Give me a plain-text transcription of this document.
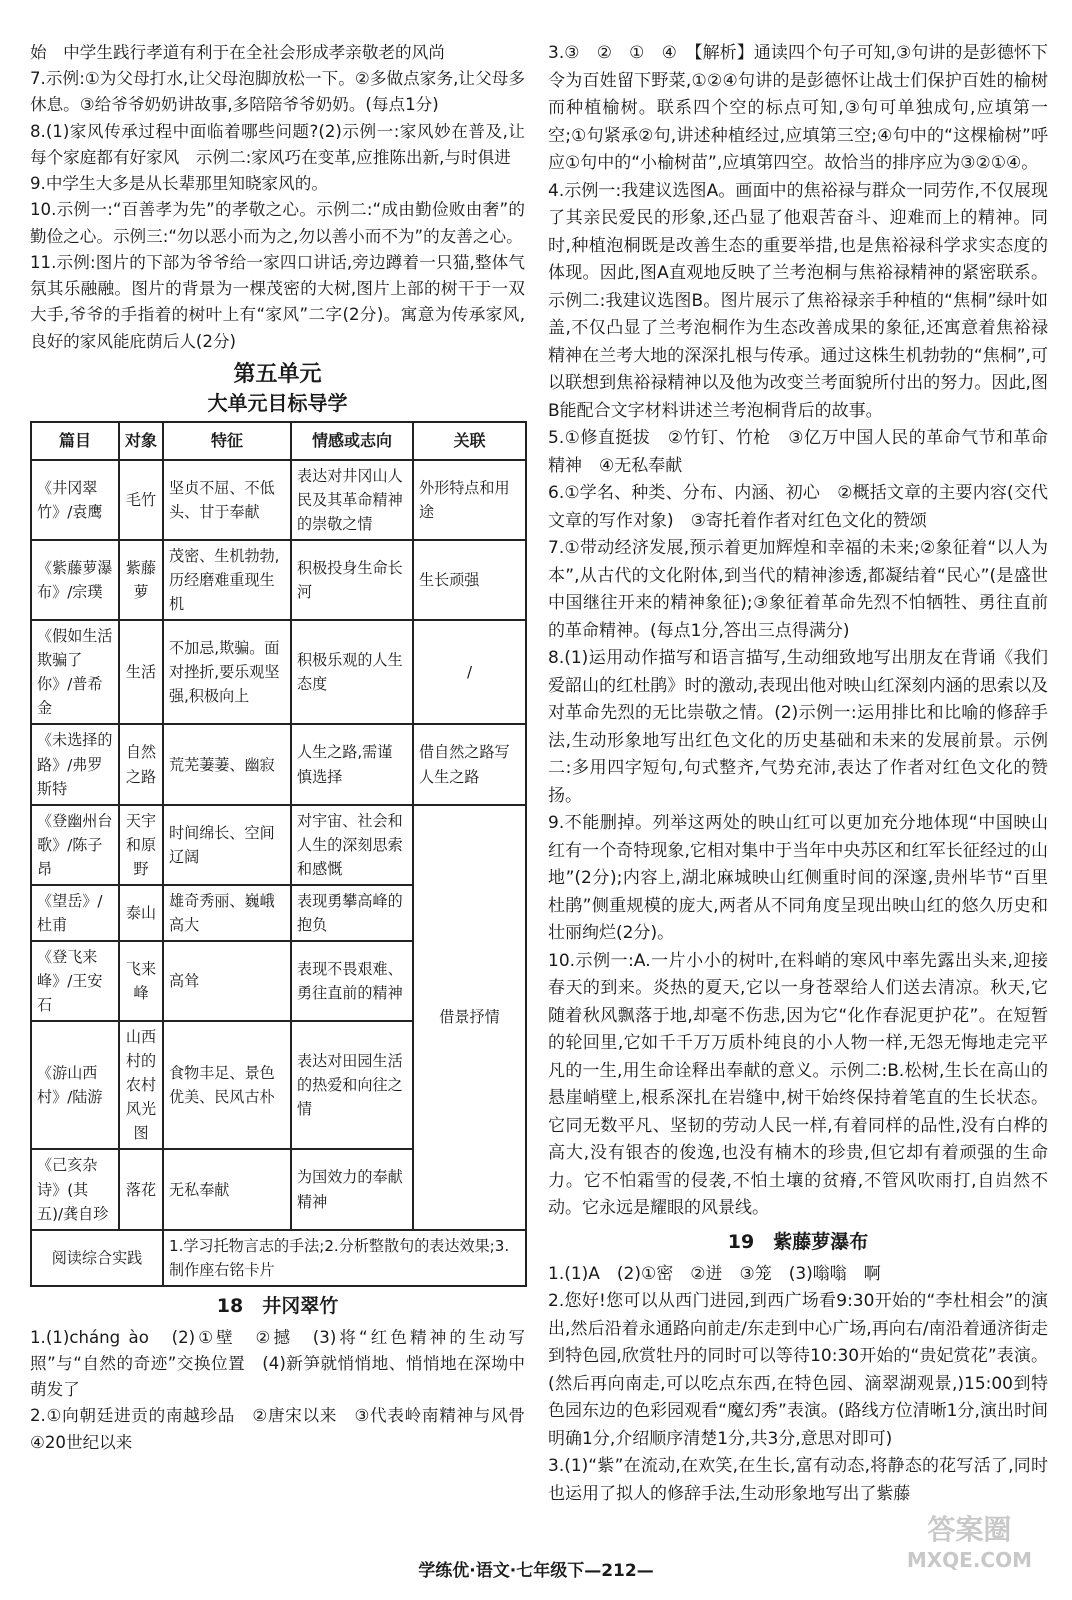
始　中学生践行孝道有利于在全社会形成孝亲敬老的风尚

7.示例:①为父母打水,让父母泡脚放松一下。②多做点家务,让父母多休息。③给爷爷奶奶讲故事,多陪陪爷爷奶奶。(每点1分)

8.(1)家风传承过程中面临着哪些问题?(2)示例一:家风妙在普及,让每个家庭都有好家风　示例二:家风巧在变革,应推陈出新,与时俱进

9.中学生大多是从长辈那里知晓家风的。

10.示例一:“百善孝为先”的孝敬之心。示例二:“成由勤俭败由奢”的勤俭之心。示例三:“勿以恶小而为之,勿以善小而不为”的友善之心。

11.示例:图片的下部为爷爷给一家四口讲话,旁边蹲着一只猫,整体气氛其乐融融。图片的背景为一棵茂密的大树,图片上部的树干于一双大手,爷爷的手指着的树叶上有“家风”二字(2分)。寓意为传承家风,良好的家风能庇荫后人(2分)

第五单元
大单元目标导学
篇目	对象	特征	情感或志向	关联
《井冈翠竹》/袁鹰	毛竹	坚贞不屈、不低头、甘于奉献	表达对井冈山人民及其革命精神的崇敬之情	外形特点和用途
《紫藤萝瀑布》/宗璞	紫藤萝	茂密、生机勃勃,历经磨难重现生机	积极投身生命长河	生长顽强
《假如生活欺骗了你》/普希金	生活	不加忌,欺骗。面对挫折,要乐观坚强,积极向上	积极乐观的人生态度	/
《未选择的路》/弗罗斯特	自然之路	荒芜萋萋、幽寂	人生之路,需谨慎选择	借自然之路写人生之路
《登幽州台歌》/陈子昂	天宇和原野	时间绵长、空间辽阔	对宇宙、社会和人生的深刻思索和感慨	借景抒情
《望岳》/杜甫	泰山	雄奇秀丽、巍峨高大	表现勇攀高峰的抱负	
《登飞来峰》/王安石	飞来峰	高耸	表现不畏艰难、勇往直前的精神	
《游山西村》/陆游	山西村的农村风光图	食物丰足、景色优美、民风古朴	表达对田园生活的热爱和向往之情	
《己亥杂诗》(其五)/龚自珍	落花	无私奉献	为国效力的奉献精神	
阅读综合实践		1.学习托物言志的手法;2.分析整散句的表达效果;3.制作座右铭卡片		
18　井冈翠竹

1.(1)cháng ào　(2)①壁　②撼　(3)将“红色精神的生动写照”与“自然的奇迹”交换位置　(4)新笋就悄悄地、悄悄地在深坳中萌发了

2.①向朝廷进贡的南越珍品　②唐宋以来　③代表岭南精神与风骨　④20世纪以来

3.③　②　①　④　【解析】通读四个句子可知,③句讲的是彭德怀下令为百姓留下野菜,①②④句讲的是彭德怀让战士们保护百姓的榆树而种植榆树。联系四个空的标点可知,③句可单独成句,应填第一空;①句紧承②句,讲述种植经过,应填第三空;④句中的“这棵榆树”呼应①句中的“小榆树苗”,应填第四空。故恰当的排序应为③②①④。

4.示例一:我建议选图A。画面中的焦裕禄与群众一同劳作,不仅展现了其亲民爱民的形象,还凸显了他艰苦奋斗、迎难而上的精神。同时,种植泡桐既是改善生态的重要举措,也是焦裕禄科学求实态度的体现。因此,图A直观地反映了兰考泡桐与焦裕禄精神的紧密联系。示例二:我建议选图B。图片展示了焦裕禄亲手种植的“焦桐”绿叶如盖,不仅凸显了兰考泡桐作为生态改善成果的象征,还寓意着焦裕禄精神在兰考大地的深深扎根与传承。通过这株生机勃勃的“焦桐”,可以联想到焦裕禄精神以及他为改变兰考面貌所付出的努力。因此,图B能配合文字材料讲述兰考泡桐背后的故事。

5.①修直挺拔　②竹钉、竹枪　③亿万中国人民的革命气节和革命精神　④无私奉献

6.①学名、种类、分布、内涵、初心　②概括文章的主要内容(交代文章的写作对象)　③寄托着作者对红色文化的赞颂

7.①带动经济发展,预示着更加辉煌和幸福的未来;②象征着“以人为本”,从古代的文化附体,到当代的精神渗透,都凝结着“民心”(是盛世中国继往开来的精神象征);③象征着革命先烈不怕牺牲、勇往直前的革命精神。(每点1分,答出三点得满分)

8.(1)运用动作描写和语言描写,生动细致地写出朋友在背诵《我们爱韶山的红杜鹃》时的激动,表现出他对映山红深刻内涵的思索以及对革命先烈的无比崇敬之情。(2)示例一:运用排比和比喻的修辞手法,生动形象地写出红色文化的历史基础和未来的发展前景。示例二:多用四字短句,句式整齐,气势充沛,表达了作者对红色文化的赞扬。

9.不能删掉。列举这两处的映山红可以更加充分地体现“中国映山红有一个奇特现象,它相对集中于当年中央苏区和红军长征经过的山地”(2分);内容上,湖北麻城映山红侧重时间的深邃,贵州毕节“百里杜鹃”侧重规模的庞大,两者从不同角度呈现出映山红的悠久历史和壮丽绚烂(2分)。

10.示例一:A.一片小小的树叶,在料峭的寒风中率先露出头来,迎接春天的到来。炎热的夏天,它以一身苍翠给人们送去清凉。秋天,它随着秋风飘落于地,却毫不伤悲,因为它“化作春泥更护花”。在短暂的轮回里,它如千千万万质朴纯良的小人物一样,无怨无悔地走完平凡的一生,用生命诠释出奉献的意义。示例二:B.松树,生长在高山的悬崖峭壁上,根系深扎在岩缝中,树干始终保持着笔直的生长状态。它同无数平凡、坚韧的劳动人民一样,有着同样的品性,没有白桦的高大,没有银杏的俊逸,也没有楠木的珍贵,但它却有着顽强的生命力。它不怕霜雪的侵袭,不怕土壤的贫瘠,不管风吹雨打,自岿然不动。它永远是耀眼的风景线。

19　紫藤萝瀑布

1.(1)A　(2)①密　②迸　③笼　(3)嗡嗡　啊

2.您好!您可以从西门进园,到西广场看9:30开始的“李杜相会”的演出,然后沿着永通路向前走/东走到中心广场,再向右/南沿着通济街走到特色园,欣赏牡丹的同时可以等待10:30开始的“贵妃赏花”表演。(然后再向南走,可以吃点东西,在特色园、滴翠湖观景,)15:00到特色园东边的色彩园观看“魔幻秀”表演。(路线方位清晰1分,演出时间明确1分,介绍顺序清楚1分,共3分,意思对即可)

3.(1)“紫”在流动,在欢笑,在生长,富有动态,将静态的花写活了,同时也运用了拟人的修辞手法,生动形象地写出了紫藤

学练优·语文·七年级下—212—
答案圈
MXQE.COM
